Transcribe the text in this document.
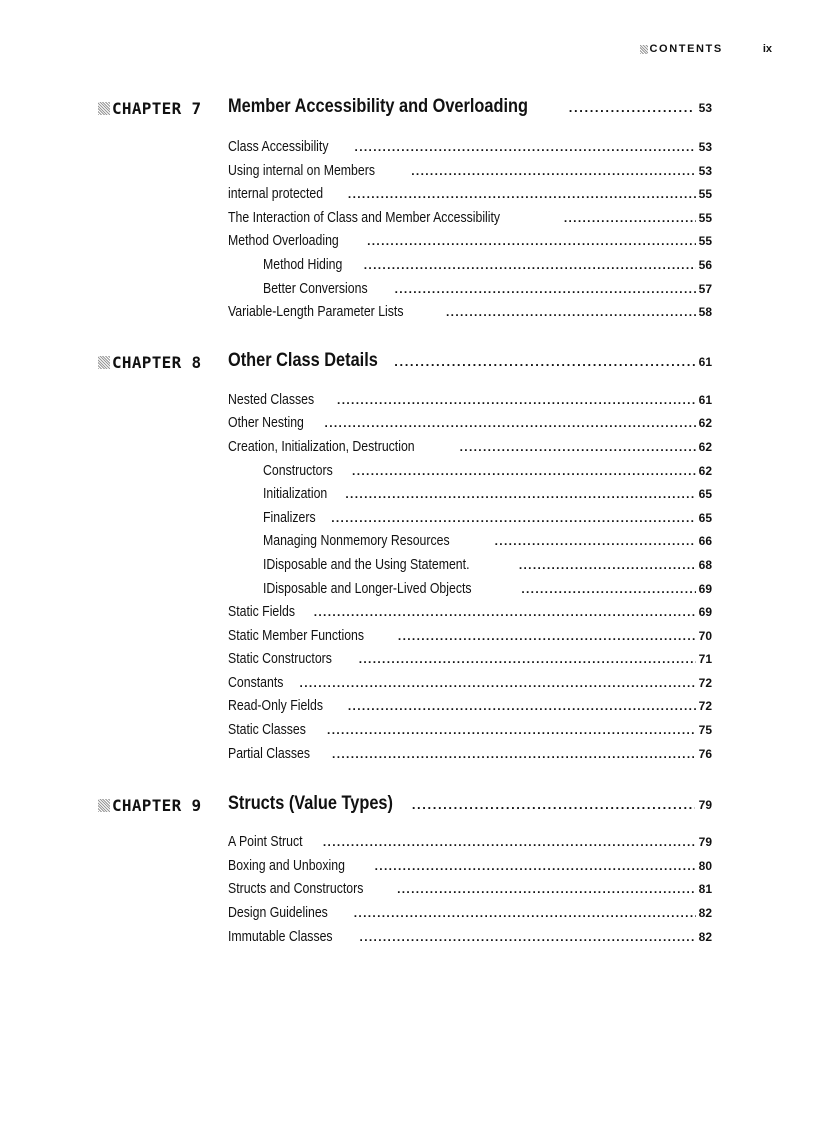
CONTENTS	ix
CHAPTER 7 Member Accessibility and Overloading . . .	53
Class Accessibility . . .	53
Using internal on Members . . .	53
internal protected . . .	55
The Interaction of Class and Member Accessibility . . .	55
Method Overloading . . .	55
Method Hiding . . .	56
Better Conversions . . .	57
Variable-Length Parameter Lists . . .	58
CHAPTER 8 Other Class Details . . .	61
Nested Classes . . .	61
Other Nesting . . .	62
Creation, Initialization, Destruction . . .	62
Constructors . . .	62
Initialization . . .	65
Finalizers . . .	65
Managing Nonmemory Resources . . .	66
IDisposable and the Using Statement. . . .	68
IDisposable and Longer-Lived Objects . . .	69
Static Fields . . .	69
Static Member Functions . . .	70
Static Constructors . . .	71
Constants . . .	72
Read-Only Fields . . .	72
Static Classes . . .	75
Partial Classes . . .	76
CHAPTER 9 Structs (Value Types) . . .	79
A Point Struct . . .	79
Boxing and Unboxing . . .	80
Structs and Constructors . . .	81
Design Guidelines . . .	82
Immutable Classes . . .	82
